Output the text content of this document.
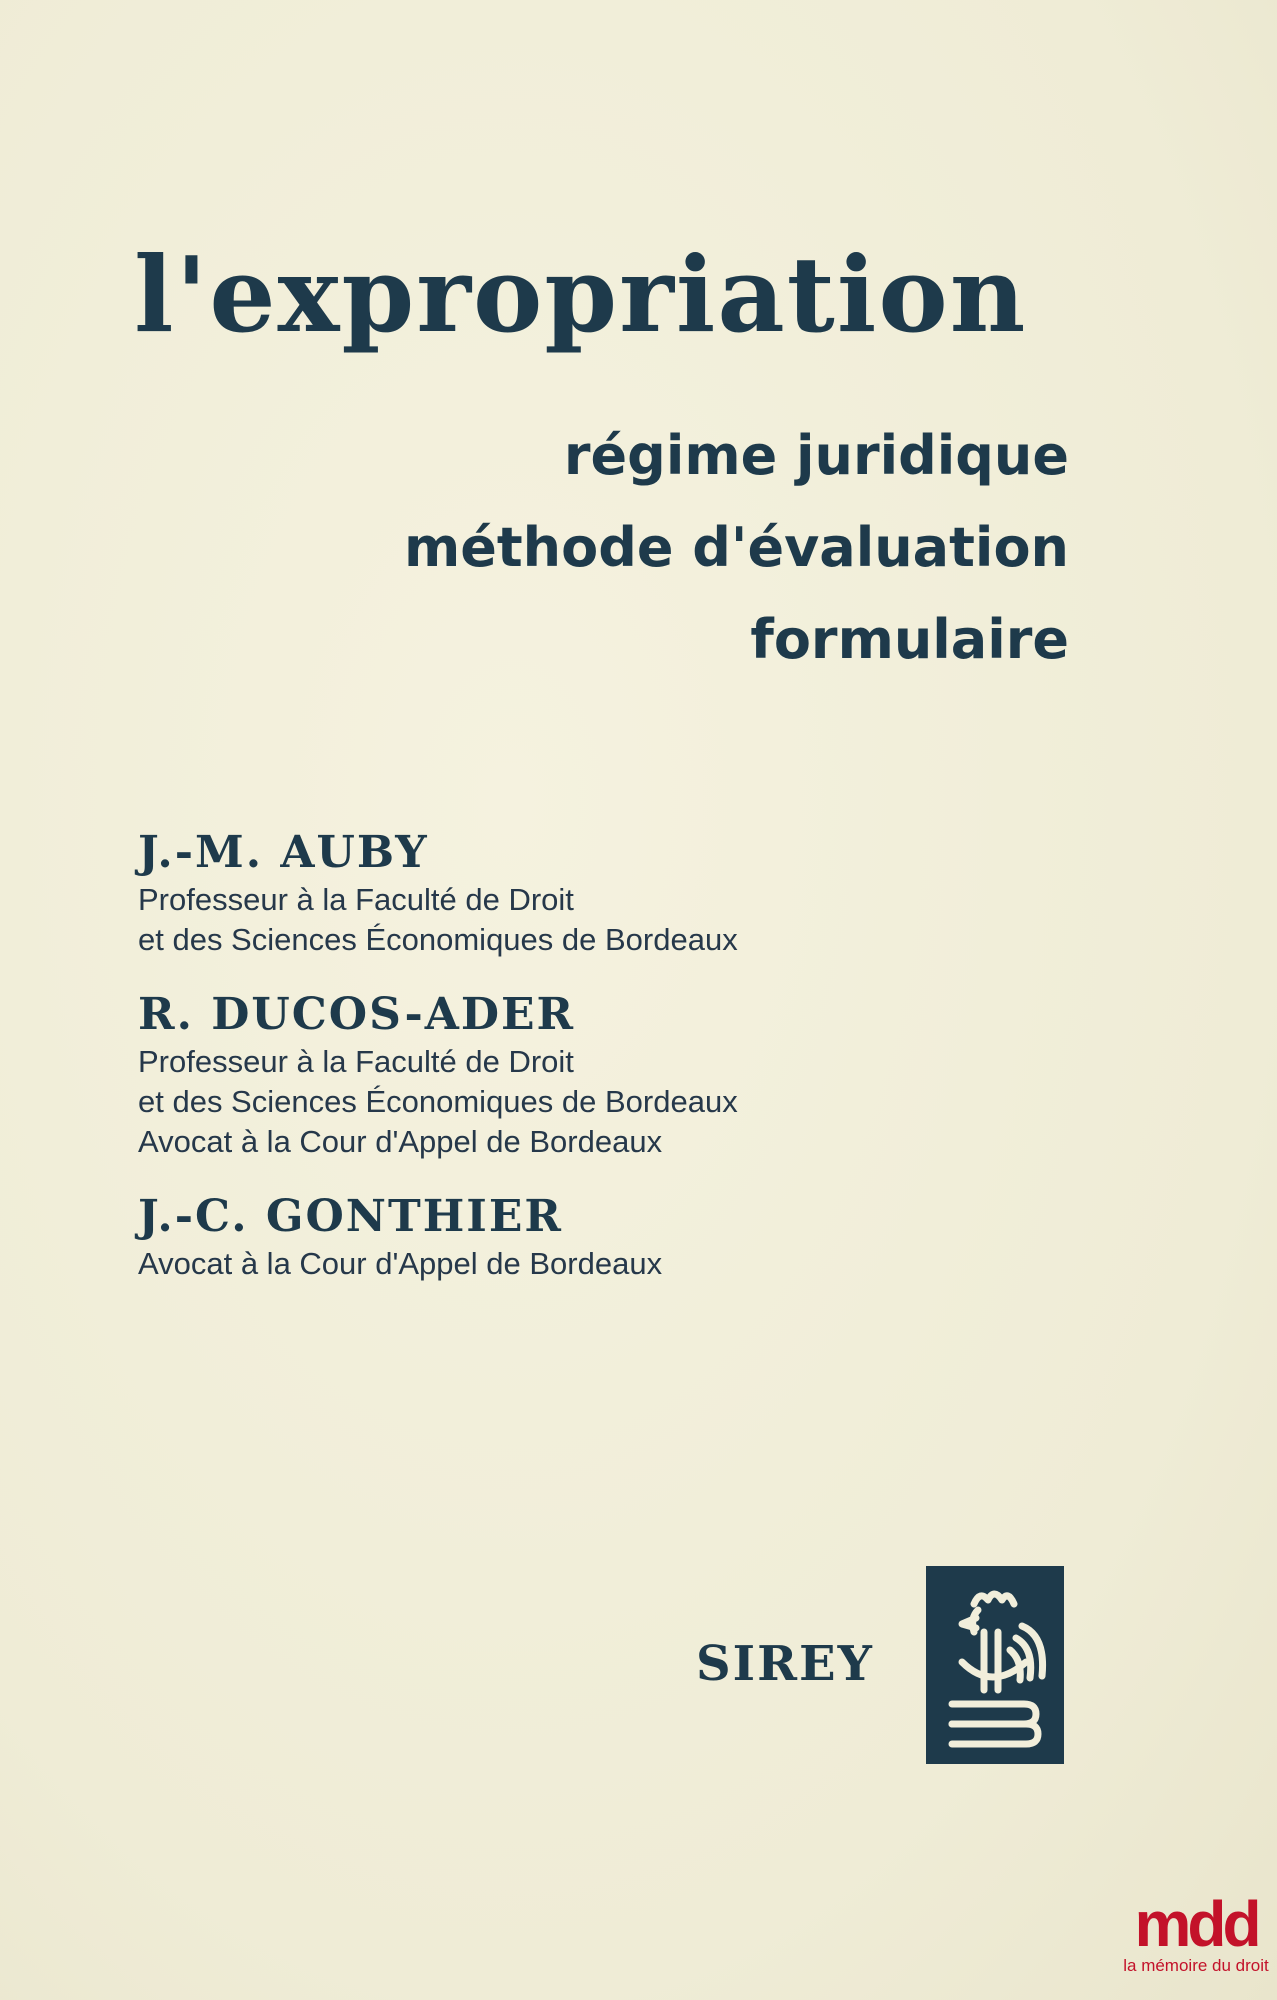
l'expropriation
régime juridique
méthode d'évaluation
formulaire
J.-M. AUBY
Professeur à la Faculté de Droit
et des Sciences Économiques de Bordeaux
R. DUCOS-ADER
Professeur à la Faculté de Droit
et des Sciences Économiques de Bordeaux
Avocat à la Cour d'Appel de Bordeaux
J.-C. GONTHIER
Avocat à la Cour d'Appel de Bordeaux
SIREY
mdd
la mémoire du droit
